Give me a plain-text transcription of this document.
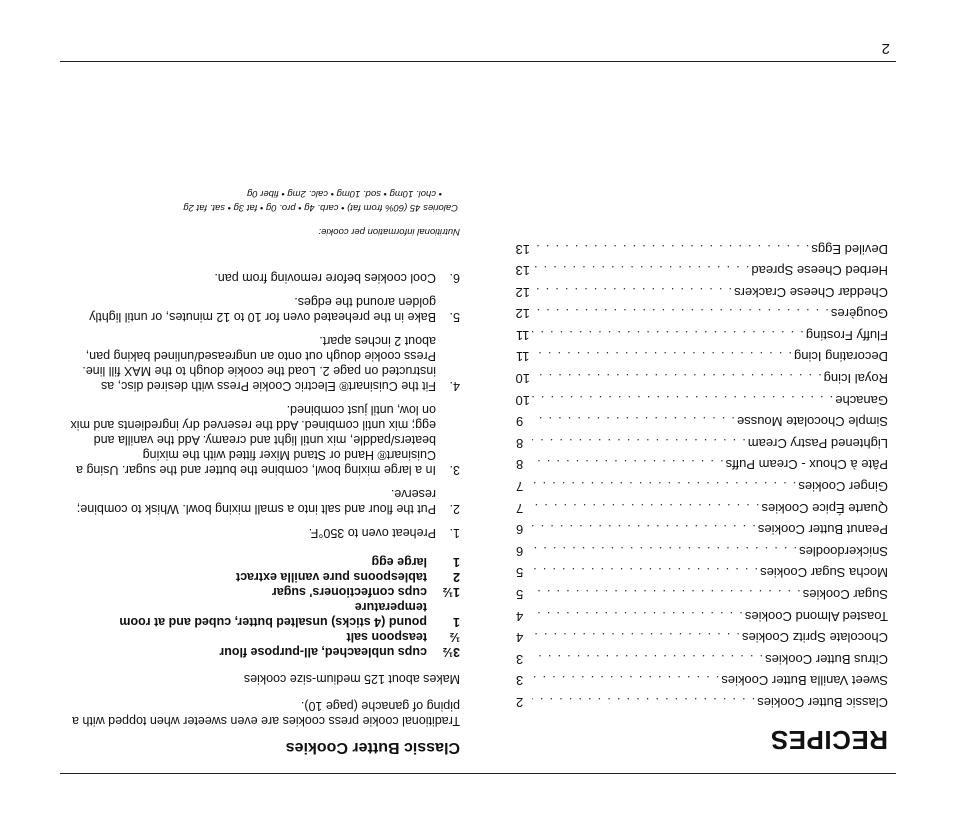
2
Classic Butter Cookies
Traditional cookie press cookies are even sweeter when topped with a piping of ganache (page 10).
Makes about 125 medium-size cookies
3½
cups unbleached, all-purpose flour
½
teaspoon salt
1
pound (4 sticks) unsalted butter, cubed and at room temperature
1½
cups confectioners' sugar
2
tablespoons pure vanilla extract
1
large egg
1.
Preheat oven to 350°F.
2.
Put the flour and salt into a small mixing bowl. Whisk to combine; reserve.
3.
In a large mixing bowl, combine the butter and the sugar. Using a Cuisinart® Hand or Stand Mixer fitted with the mixing beaters/paddle, mix until light and creamy. Add the vanilla and egg; mix until combined. Add the reserved dry ingredients and mix on low, until just combined.
4.
Fit the Cuisinart® Electric Cookie Press with desired disc, as instructed on page 2. Load the cookie dough to the MAX fill line. Press cookie dough out onto an ungreased/unlined baking pan, about 2 inches apart.
5.
Bake in the preheated oven for 10 to 12 minutes, or until lightly golden around the edges.
6.
Cool cookies before removing from pan.
Nutritional information per cookie:
Calories 45 (60% from fat) • carb. 4g • pro. 0g • fat 3g • sat. fat 2g
• chol. 10mg • sod. 10mg • calc. 2mg • fiber 0g
RECIPES
Classic Butter Cookies
. . .
2
Sweet Vanilla Butter Cookies
. . .
3
Citrus Butter Cookies
. . .
3
Chocolate Spritz Cookies
. . .
4
Toasted Almond Cookies
. . .
4
Sugar Cookies
. . .
5
Mocha Sugar Cookies
. . .
5
Snickerdoodles
. . .
6
Peanut Butter Cookies
. . .
6
Quarte Épice Cookies
. . .
7
Ginger Cookies
. . .
7
Pâte à Choux - Cream Puffs
. . .
8
Lightened Pastry Cream
. . .
8
Simple Chocolate Mousse
. . .
9
Ganache
. . .
10
Royal Icing
. . .
10
Decorating Icing
. . .
11
Fluffy Frosting
. . .
11
Gougères
. . .
12
Cheddar Cheese Crackers
. . .
12
Herbed Cheese Spread
. . .
13
Deviled Eggs
. . .
13
